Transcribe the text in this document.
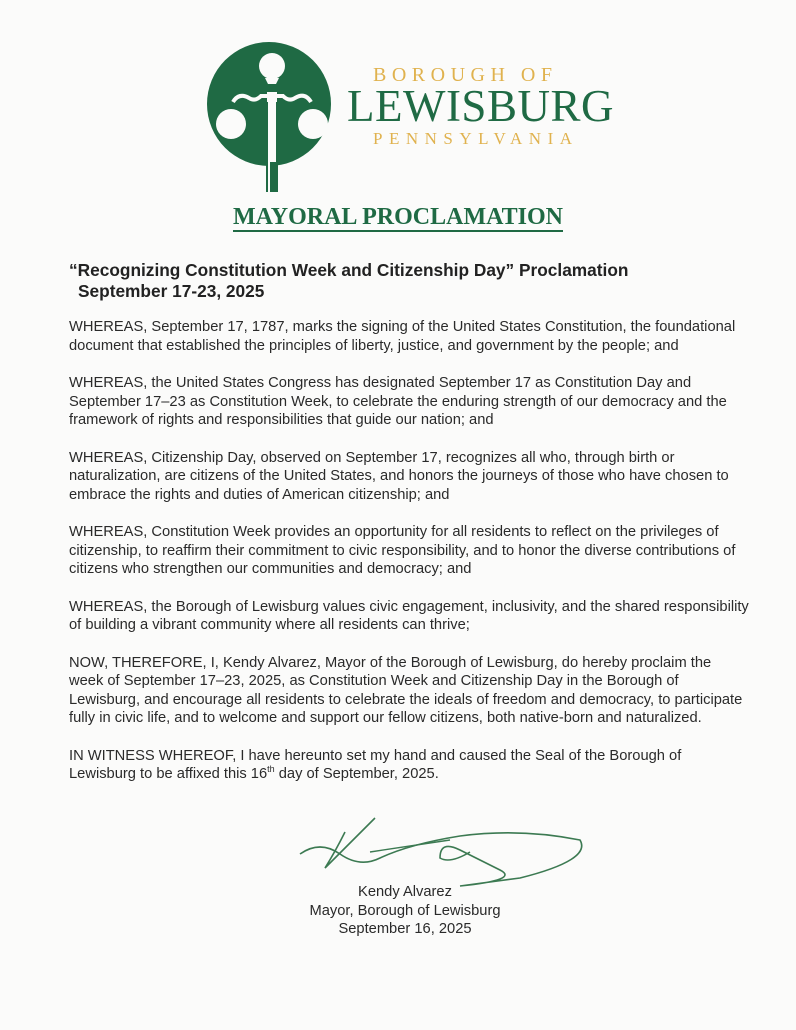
BOROUGH OF
LEWISBURG
PENNSYLVANIA
MAYORAL PROCLAMATION
“Recognizing Constitution Week and Citizenship Day” Proclamation
September 17-23, 2025

WHEREAS, September 17, 1787, marks the signing of the United States Constitution, the foundational document that established the principles of liberty, justice, and government by the people; and

WHEREAS, the United States Congress has designated September 17 as Constitution Day and September 17–23 as Constitution Week, to celebrate the enduring strength of our democracy and the framework of rights and responsibilities that guide our nation; and

WHEREAS, Citizenship Day, observed on September 17, recognizes all who, through birth or naturalization, are citizens of the United States, and honors the journeys of those who have chosen to embrace the rights and duties of American citizenship; and

WHEREAS, Constitution Week provides an opportunity for all residents to reflect on the privileges of citizenship, to reaffirm their commitment to civic responsibility, and to honor the diverse contributions of citizens who strengthen our communities and democracy; and

WHEREAS, the Borough of Lewisburg values civic engagement, inclusivity, and the shared responsibility of building a vibrant community where all residents can thrive;

NOW, THEREFORE, I, Kendy Alvarez, Mayor of the Borough of Lewisburg, do hereby proclaim the week of September 17–23, 2025, as Constitution Week and Citizenship Day in the Borough of Lewisburg, and encourage all residents to celebrate the ideals of freedom and democracy, to participate fully in civic life, and to welcome and support our fellow citizens, both native-born and naturalized.

IN WITNESS WHEREOF, I have hereunto set my hand and caused the Seal of the Borough of Lewisburg to be affixed this 16th day of September, 2025.

Kendy Alvarez
Mayor, Borough of Lewisburg
September 16, 2025
